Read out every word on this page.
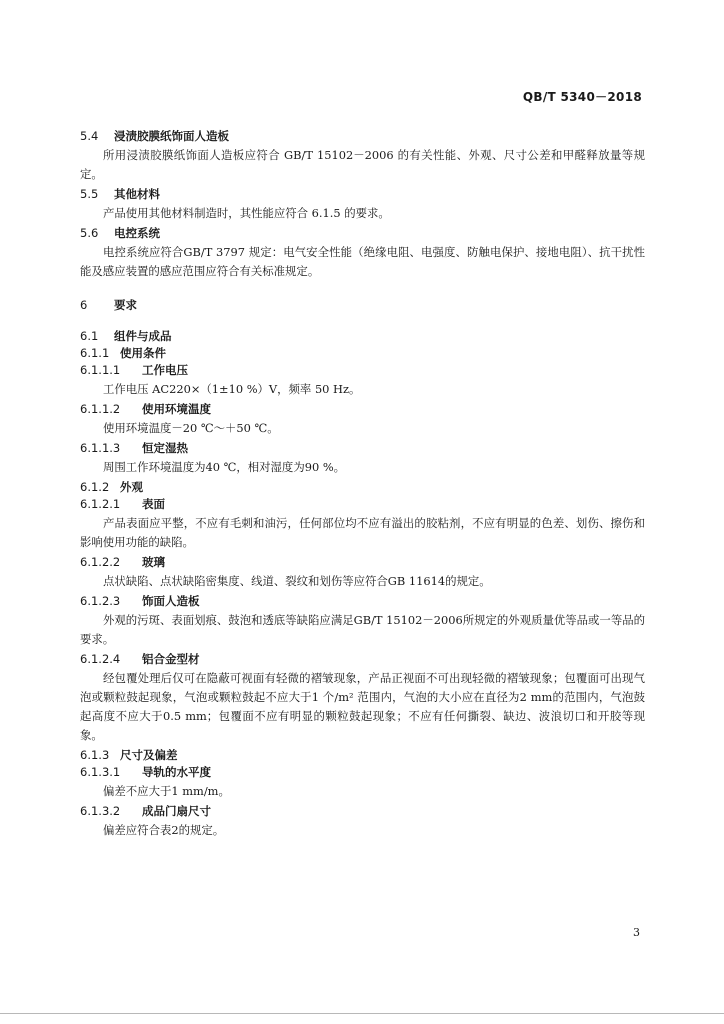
QB/T 5340－2018
5.4 浸渍胶膜纸饰面人造板
所用浸渍胶膜纸饰面人造板应符合 GB/T 15102－2006 的有关性能、外观、尺寸公差和甲醛释放量等规定。
5.5 其他材料
产品使用其他材料制造时，其性能应符合 6.1.5 的要求。
5.6 电控系统
电控系统应符合GB/T 3797 规定：电气安全性能（绝缘电阻、电强度、防触电保护、接地电阻）、抗干扰性能及感应装置的感应范围应符合有关标准规定。
6 要求
6.1 组件与成品
6.1.1 使用条件
6.1.1.1 工作电压
工作电压 AC220×（1±10 %）V，频率 50 Hz。
6.1.1.2 使用环境温度
使用环境温度－20 ℃～＋50 ℃。
6.1.1.3 恒定湿热
周围工作环境温度为40 ℃，相对湿度为90 %。
6.1.2 外观
6.1.2.1 表面
产品表面应平整，不应有毛刺和油污，任何部位均不应有溢出的胶粘剂，不应有明显的色差、划伤、擦伤和影响使用功能的缺陷。
6.1.2.2 玻璃
点状缺陷、点状缺陷密集度、线道、裂纹和划伤等应符合GB 11614的规定。
6.1.2.3 饰面人造板
外观的污斑、表面划痕、鼓泡和透底等缺陷应满足GB/T 15102－2006所规定的外观质量优等品或一等品的要求。
6.1.2.4 铝合金型材
经包覆处理后仅可在隐蔽可视面有轻微的褶皱现象，产品正视面不可出现轻微的褶皱现象；包覆面可出现气泡或颗粒鼓起现象，气泡或颗粒鼓起不应大于1 个/m² 范围内，气泡的大小应在直径为2 mm的范围内，气泡鼓起高度不应大于0.5 mm；包覆面不应有明显的颗粒鼓起现象；不应有任何撕裂、缺边、波浪切口和开胶等现象。
6.1.3 尺寸及偏差
6.1.3.1 导轨的水平度
偏差不应大于1 mm/m。
6.1.3.2 成品门扇尺寸
偏差应符合表2的规定。
3
